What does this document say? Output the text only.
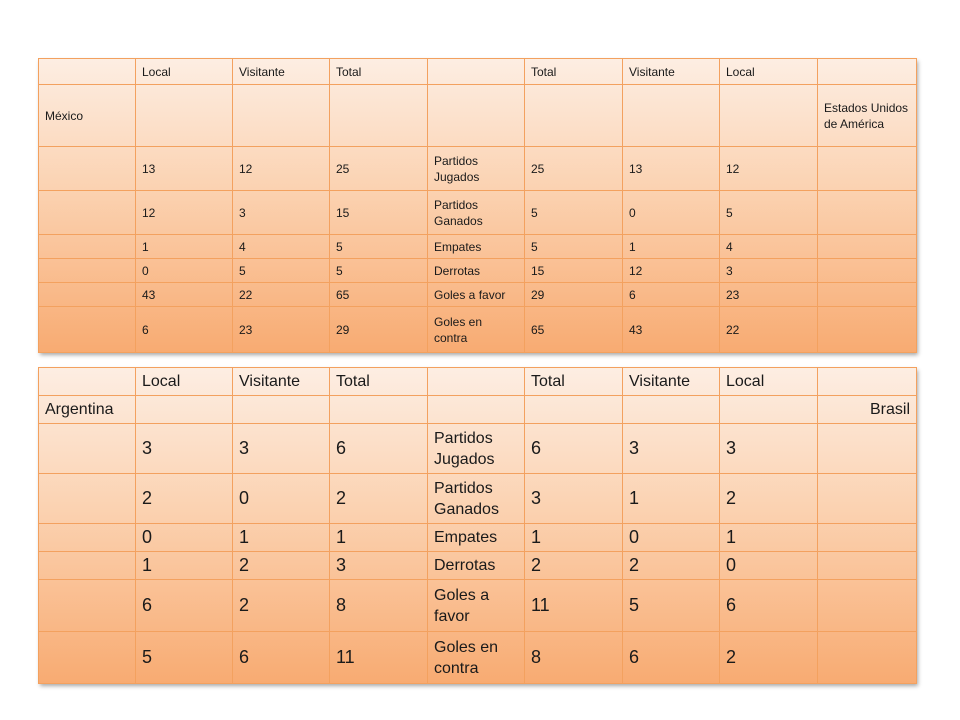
	Local	Visitante	Total		Total	Visitante	Local	
México								Estados Unidos de América
	13	12	25	Partidos Jugados	25	13	12	
	12	3	15	Partidos Ganados	5	0	5	
	1	4	5	Empates	5	1	4	
	0	5	5	Derrotas	15	12	3	
	43	22	65	Goles a favor	29	6	23	
	6	23	29	Goles en contra	65	43	22	
	Local	Visitante	Total		Total	Visitante	Local	
Argentina								Brasil
	3	3	6	Partidos Jugados	6	3	3	
	2	0	2	Partidos Ganados	3	1	2	
	0	1	1	Empates	1	0	1	
	1	2	3	Derrotas	2	2	0	
	6	2	8	Goles a favor	11	5	6	
	5	6	11	Goles en contra	8	6	2	
